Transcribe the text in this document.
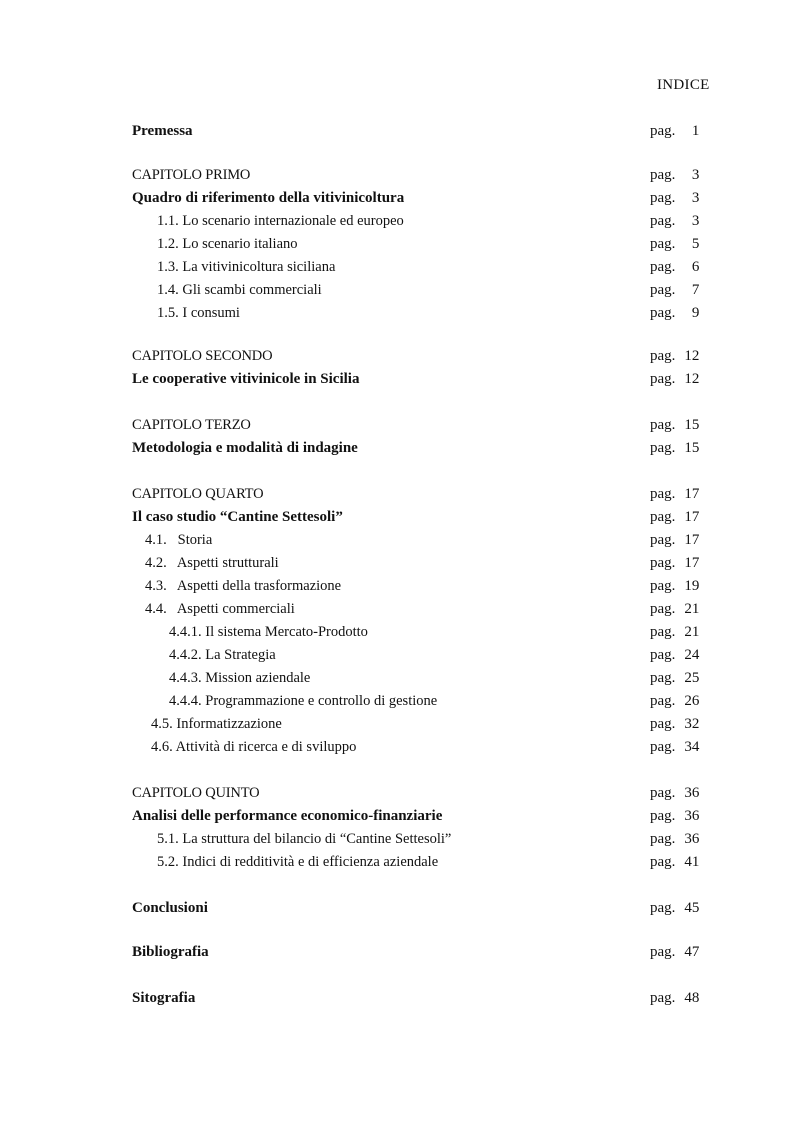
INDICE
Premessa	pag. 1
CAPITOLO PRIMO	pag. 3
Quadro di riferimento della vitivinicoltura	pag. 3
1.1. Lo scenario internazionale ed europeo	pag. 3
1.2. Lo scenario italiano	pag. 5
1.3. La vitivinicoltura siciliana	pag. 6
1.4. Gli scambi commerciali	pag. 7
1.5. I consumi	pag. 9
CAPITOLO SECONDO	pag. 12
Le cooperative vitivinicole in Sicilia	pag. 12
CAPITOLO TERZO	pag. 15
Metodologia e modalità di indagine	pag. 15
CAPITOLO QUARTO	pag. 17
Il caso studio “Cantine Settesoli”	pag. 17
4.1.   Storia	pag. 17
4.2.   Aspetti strutturali	pag. 17
4.3.   Aspetti della trasformazione	pag. 19
4.4.   Aspetti commerciali	pag. 21
4.4.1. Il sistema Mercato-Prodotto	pag. 21
4.4.2. La Strategia	pag. 24
4.4.3. Mission aziendale	pag. 25
4.4.4. Programmazione e controllo di gestione	pag. 26
4.5. Informatizzazione	pag. 32
4.6. Attività di ricerca e di sviluppo	pag. 34
CAPITOLO QUINTO	pag. 36
Analisi delle performance economico-finanziarie	pag. 36
5.1. La struttura del bilancio di “Cantine Settesoli”	pag. 36
5.2. Indici di redditività e di efficienza aziendale	pag. 41
Conclusioni	pag. 45
Bibliografia	pag. 47
Sitografia	pag. 48
